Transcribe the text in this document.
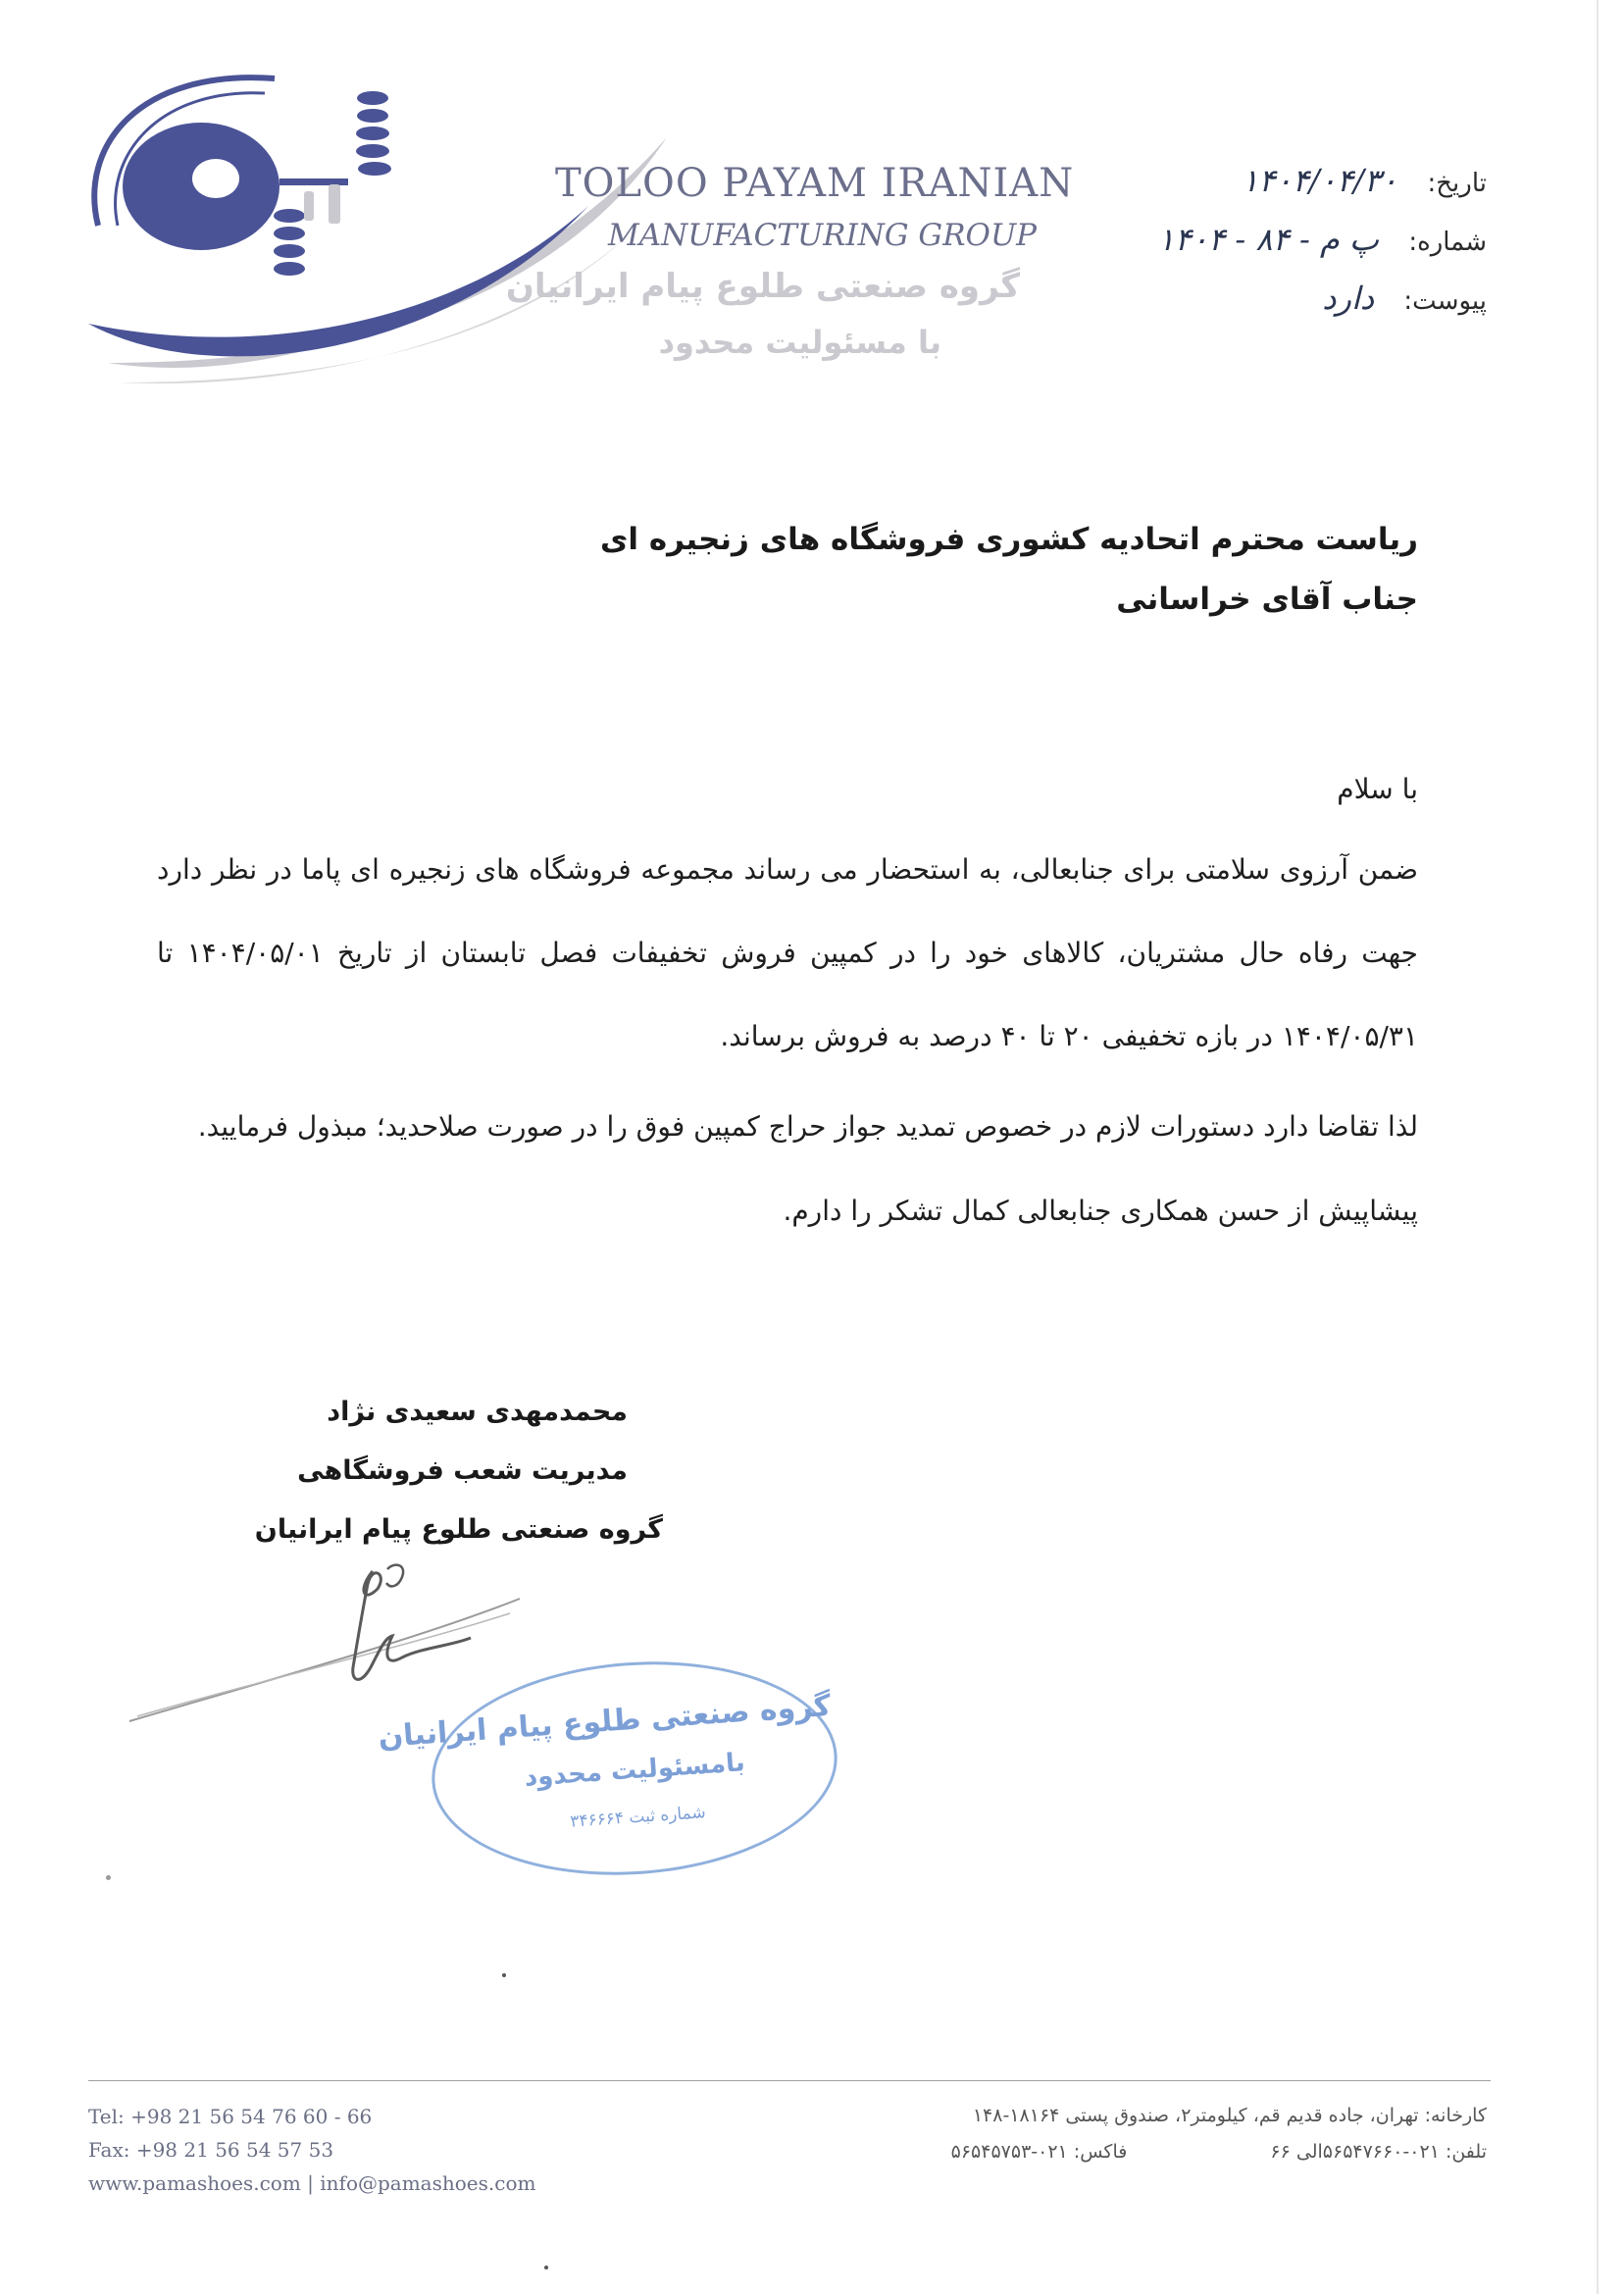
TOLOO PAYAM IRANIAN
MANUFACTURING GROUP
گروه صنعتی طلوع پیام ایرانیان
با مسئولیت محدود
تاریخ: ۱۴۰۴/۰۴/۳۰
شماره: پ م - ۸۴ - ۱۴۰۴
پیوست: دارد
ریاست محترم اتحادیه کشوری فروشگاه های زنجیره ای
جناب آقای خراسانی
با سلام
ضمن آرزوی سلامتی برای جنابعالی، به استحضار می رساند مجموعه فروشگاه های زنجیره ای پاما در نظر دارد
جهت رفاه حال مشتریان، کالاهای خود را در کمپین فروش تخفیفات فصل تابستان از تاریخ ۱۴۰۴/۰۵/۰۱ تا
۱۴۰۴/۰۵/۳۱ در بازه تخفیفی ۲۰ تا ۴۰ درصد به فروش برساند.
لذا تقاضا دارد دستورات لازم در خصوص تمدید جواز حراج کمپین فوق را در صورت صلاحدید؛ مبذول فرمایید.
پیشاپیش از حسن همکاری جنابعالی کمال تشکر را دارم.
محمدمهدی سعیدی نژاد
مدیریت شعب فروشگاهی
گروه صنعتی طلوع پیام ایرانیان
گروه صنعتی طلوع پیام ایرانیان
بامسئولیت محدود
شماره ثبت ۳۴۶۶۶۴
Tel: +98 21 56 54 76 60 - 66
Fax: +98 21 56 54 57 53
www.pamashoes.com | info@pamashoes.com
کارخانه: تهران، جاده قدیم قم، کیلومتر۲، صندوق پستی ۱۸۱۶۴-۱۴۸
تلفن: ۰۲۱-۵۶۵۴۷۶۶۰الی ۶۶ فاکس: ۰۲۱-۵۶۵۴۵۷۵۳
